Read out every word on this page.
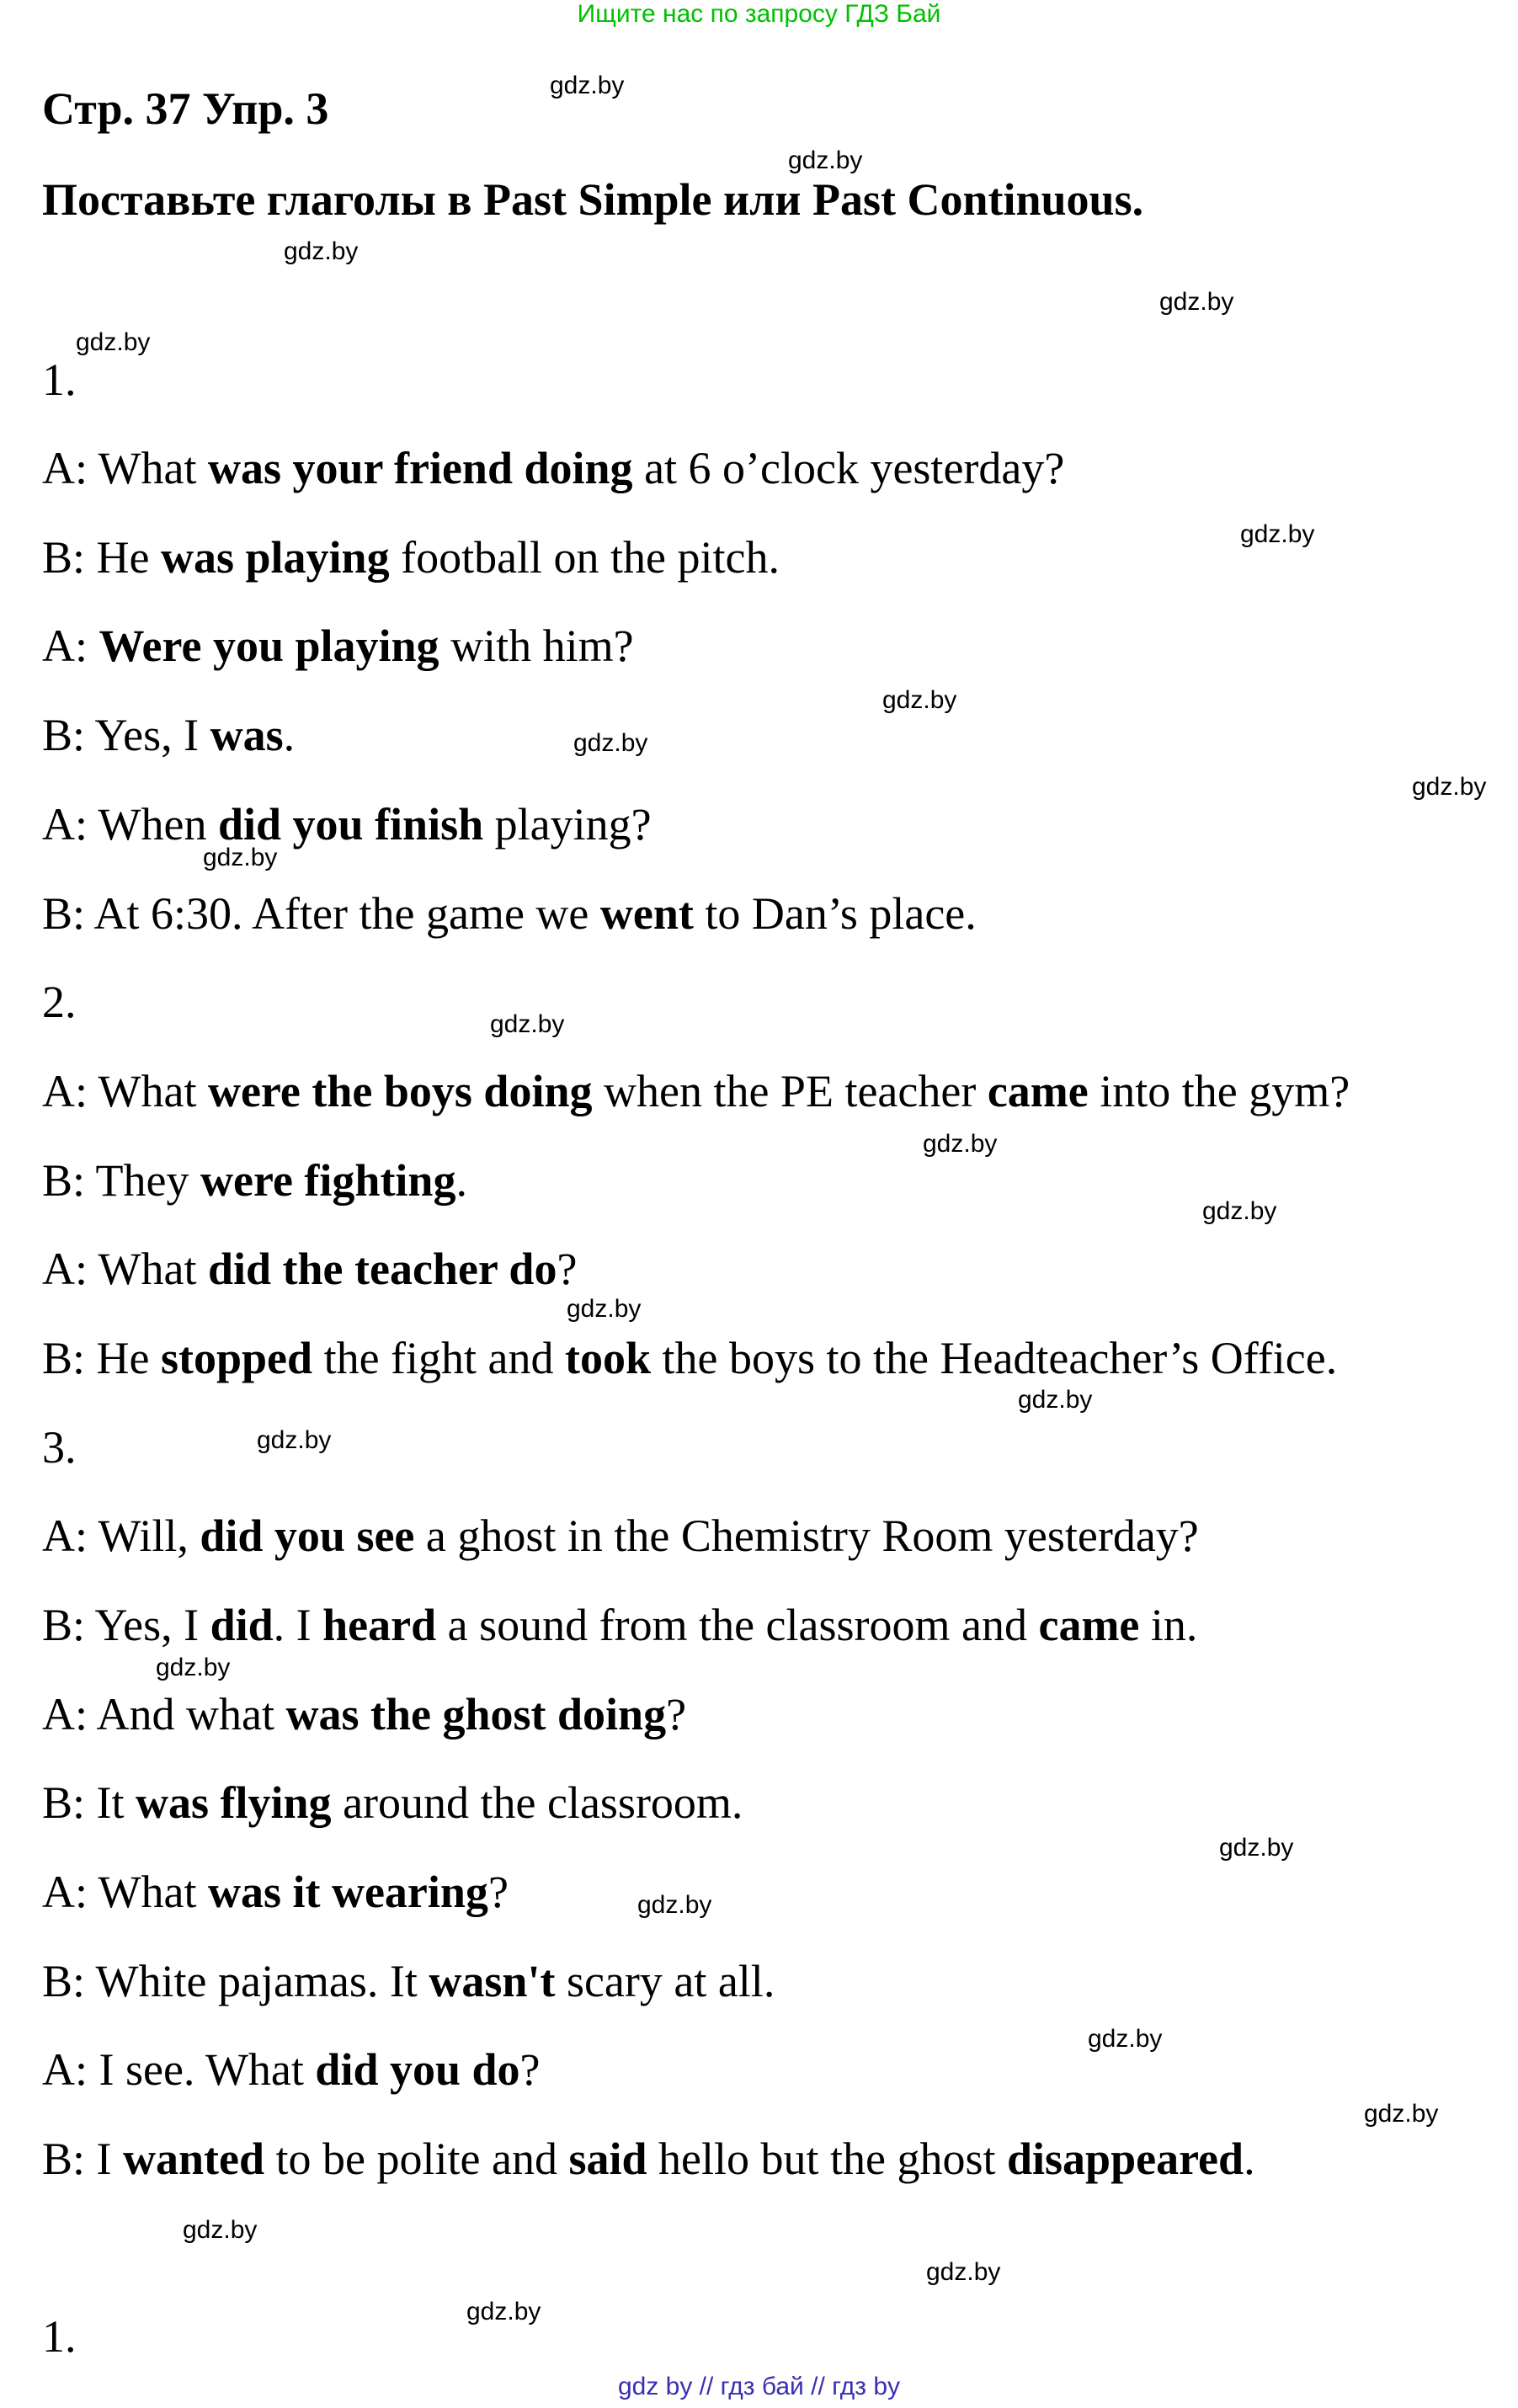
Ищите нас по запросу ГДЗ Бай
Стр. 37 Упр. 3
Поставьте глаголы в Past Simple или Past Continuous.
1.
A: What was your friend doing at 6 o’clock yesterday?
B: He was playing football on the pitch.
A: Were you playing with him?
B: Yes, I was.
A: When did you finish playing?
B: At 6:30. After the game we went to Dan’s place.
2.
A: What were the boys doing when the PE teacher came into the gym?
B: They were fighting.
A: What did the teacher do?
B: He stopped the fight and took the boys to the Headteacher’s Office.
3.
A: Will, did you see a ghost in the Chemistry Room yesterday?
B: Yes, I did. I heard a sound from the classroom and came in.
A: And what was the ghost doing?
B: It was flying around the classroom.
A: What was it wearing?
B: White pajamas. It wasn't scary at all.
A: I see. What did you do?
B: I wanted to be polite and said hello but the ghost disappeared.
1.
gdz.by
gdz.by
gdz.by
gdz.by
gdz.by
gdz.by
gdz.by
gdz.by
gdz.by
gdz.by
gdz.by
gdz.by
gdz.by
gdz.by
gdz.by
gdz.by
gdz.by
gdz.by
gdz.by
gdz.by
gdz.by
gdz.by
gdz.by
gdz.by
gdz by // гдз бай // гдз by
